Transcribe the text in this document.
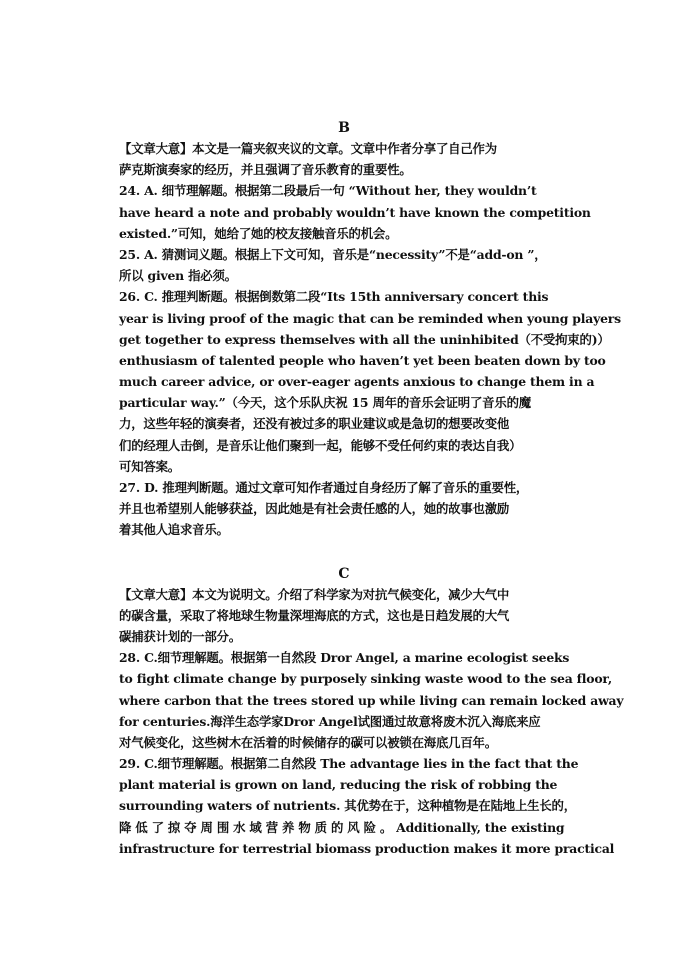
B
【文章大意】本文是一篇夹叙夹议的文章。文章中作者分享了自己作为
萨克斯演奏家的经历，并且强调了音乐教育的重要性。
24. A. 细节理解题。根据第二段最后一句 “Without her, they wouldn’t
have heard a note and probably wouldn’t have known the competition
existed.”可知，她给了她的校友接触音乐的机会。
25. A. 猜测词义题。根据上下文可知，音乐是“necessity”不是“add-on ”，
所以 given 指必须。
26. C. 推理判断题。根据倒数第二段“Its 15th anniversary concert this
year is living proof of the magic that can be reminded when young players
get together to express themselves with all the uninhibited（不受拘束的)）
enthusiasm of talented people who haven’t yet been beaten down by too
much career advice, or over-eager agents anxious to change them in a
particular way.”（今天，这个乐队庆祝 15 周年的音乐会证明了音乐的魔
力，这些年轻的演奏者，还没有被过多的职业建议或是急切的想要改变他
们的经理人击倒，是音乐让他们聚到一起，能够不受任何约束的表达自我）
可知答案。
27. D. 推理判断题。通过文章可知作者通过自身经历了解了音乐的重要性，
并且也希望别人能够获益，因此她是有社会责任感的人，她的故事也激励
着其他人追求音乐。
C
【文章大意】本文为说明文。介绍了科学家为对抗气候变化，减少大气中
的碳含量，采取了将地球生物量深埋海底的方式，这也是日趋发展的大气
碳捕获计划的一部分。
28. C.细节理解题。根据第一自然段 Dror Angel, a marine ecologist seeks
to fight climate change by purposely sinking waste wood to the sea floor,
where carbon that the trees stored up while living can remain locked away
for centuries.海洋生态学家Dror Angel试图通过故意将废木沉入海底来应
对气候变化，这些树木在活着的时候储存的碳可以被锁在海底几百年。
29. C.细节理解题。根据第二自然段 The advantage lies in the fact that the
plant material is grown on land, reducing the risk of robbing the
surrounding waters of nutrients. 其优势在于，这种植物是在陆地上生长的，
降 低 了 掠 夺 周 围 水 域 营 养 物 质 的 风 险 。 Additionally, the existing
infrastructure for terrestrial biomass production makes it more practical
